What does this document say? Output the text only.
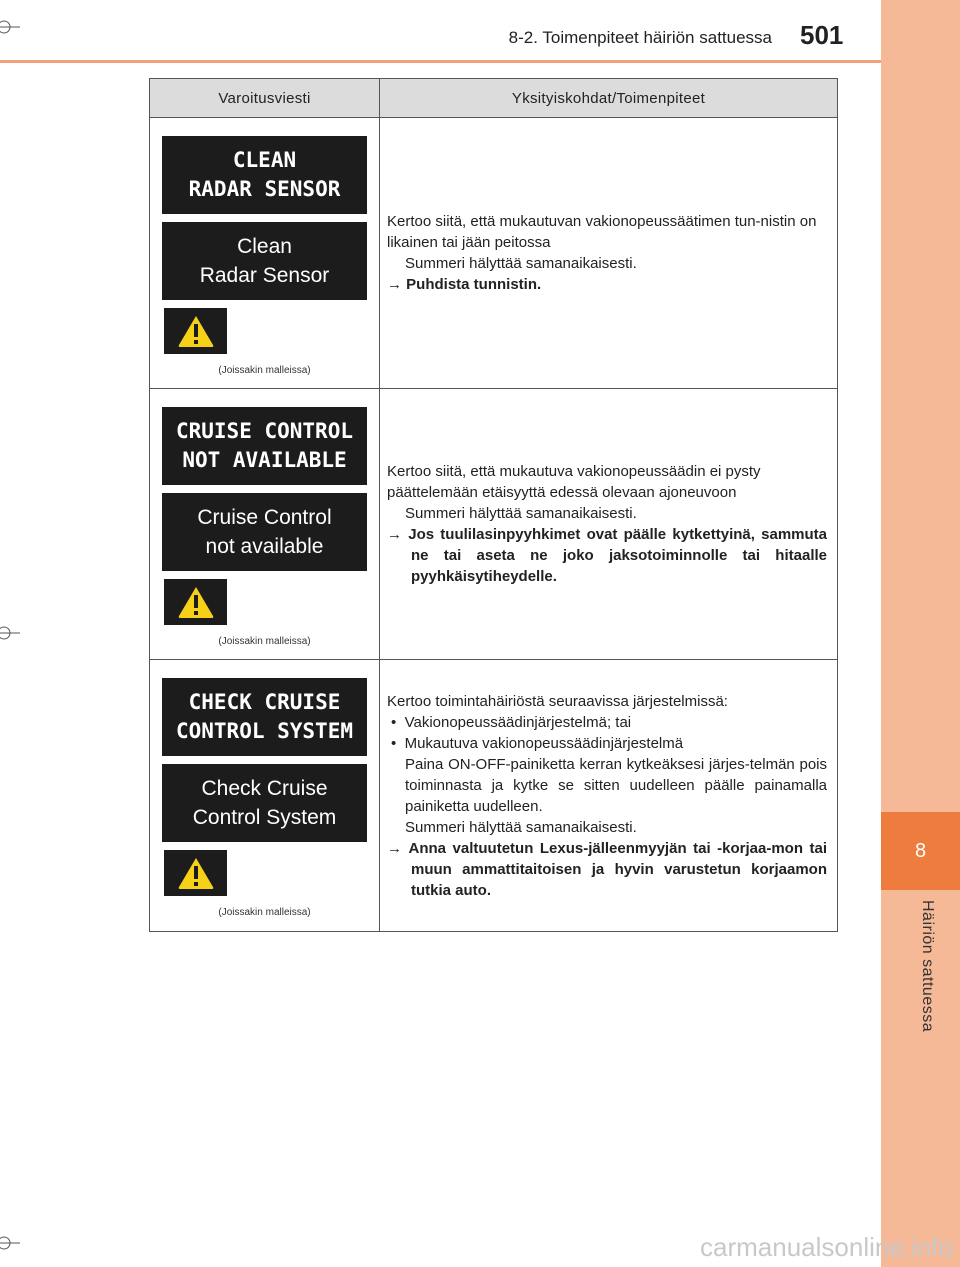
8
Häiriön sattuessa
8-2. Toimenpiteet häiriön sattuessa 501
Varoitusviesti	Yksityiskohdat/Toimenpiteet
CLEAN
RADAR SENSOR
Clean
Radar Sensor
(Joissakin malleissa)
Kertoo siitä, että mukautuvan vakionopeussäätimen tun-nistin on likainen tai jään peitossa
Summeri hälyttää samanaikaisesti.
→ Puhdista tunnistin.
CRUISE CONTROL
NOT AVAILABLE
Cruise Control
not available
(Joissakin malleissa)
Kertoo siitä, että mukautuva vakionopeussäädin ei pysty päättelemään etäisyyttä edessä olevaan ajoneuvoon
Summeri hälyttää samanaikaisesti.
→ Jos tuulilasinpyyhkimet ovat päälle kytkettyinä, sammuta ne tai aseta ne joko jaksotoiminnolle tai hitaalle pyyhkäisytiheydelle.
CHECK CRUISE
CONTROL SYSTEM
Check Cruise
Control System
(Joissakin malleissa)
Kertoo toimintahäiriöstä seuraavissa järjestelmissä:
•  Vakionopeussäädinjärjestelmä; tai
•  Mukautuva vakionopeussäädinjärjestelmä
Paina ON-OFF-painiketta kerran kytkeäksesi järjes-telmän pois toiminnasta ja kytke se sitten uudelleen päälle painamalla painiketta uudelleen.
Summeri hälyttää samanaikaisesti.
→ Anna valtuutetun Lexus-jälleenmyyjän tai -korjaa-mon tai muun ammattitaitoisen ja hyvin varustetun korjaamon tutkia auto.
carmanualsonline.info
